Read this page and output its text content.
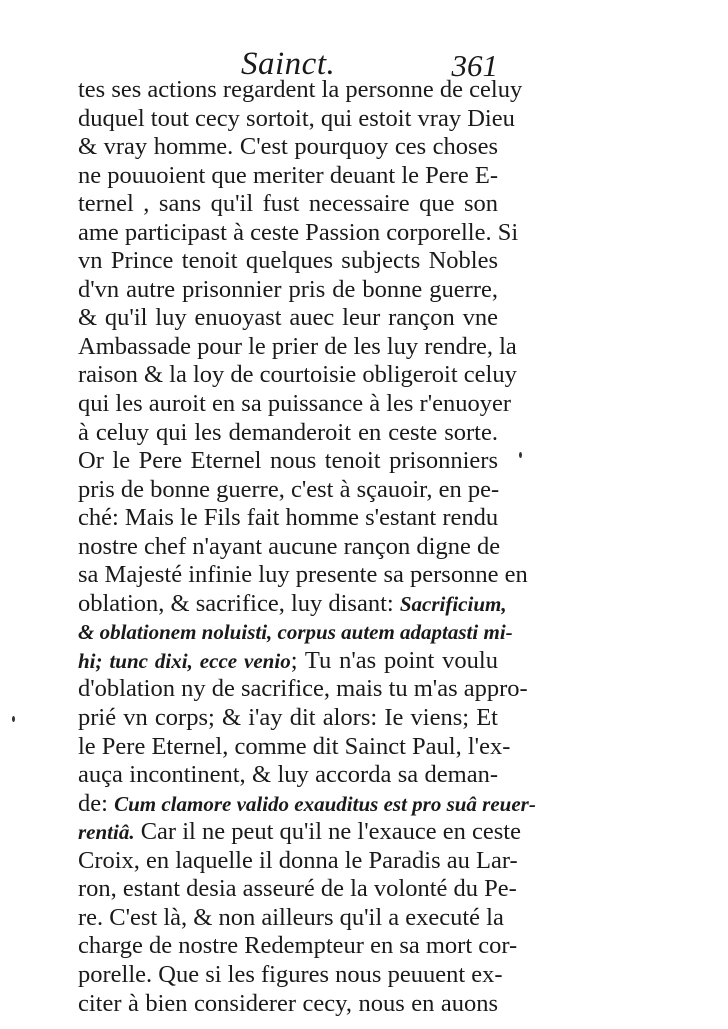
Sainct.	361
tes ses actions regardent la personne de celuy
duquel tout cecy sortoit, qui estoit vray Dieu
& vray homme. C'est pourquoy ces choses
ne pouuoient que meriter deuant le Pere E-
ternel , sans qu'il fust necessaire que son
ame participast à ceste Passion corporelle. Si
vn Prince tenoit quelques subjects Nobles
d'vn autre prisonnier pris de bonne guerre,
& qu'il luy enuoyast auec leur rançon vne
Ambassade pour le prier de les luy rendre, la
raison & la loy de courtoisie obligeroit celuy
qui les auroit en sa puissance à les r'enuoyer
à celuy qui les demanderoit en ceste sorte.
Or le Pere Eternel nous tenoit prisonniers
pris de bonne guerre, c'est à sçauoir, en pe-
ché: Mais le Fils fait homme s'estant rendu
nostre chef n'ayant aucune rançon digne de
sa Majesté infinie luy presente sa personne en
oblation, & sacrifice, luy disant: Sacrificium,
& oblationem noluisti, corpus autem adaptasti mi-
hi; tunc dixi, ecce venio; Tu n'as point voulu
d'oblation ny de sacrifice, mais tu m'as appro-
prié vn corps; & i'ay dit alors: Ie viens; Et
le Pere Eternel, comme dit Sainct Paul, l'ex-
auça incontinent, & luy accorda sa deman-
de: Cum clamore valido exauditus est pro suâ reuer-
rentiâ. Car il ne peut qu'il ne l'exauce en ceste
Croix, en laquelle il donna le Paradis au Lar-
ron, estant desia asseuré de la volonté du Pe-
re. C'est là, & non ailleurs qu'il a executé la
charge de nostre Redempteur en sa mort cor-
porelle. Que si les figures nous peuuent ex-
citer à bien considerer cecy, nous en auons
